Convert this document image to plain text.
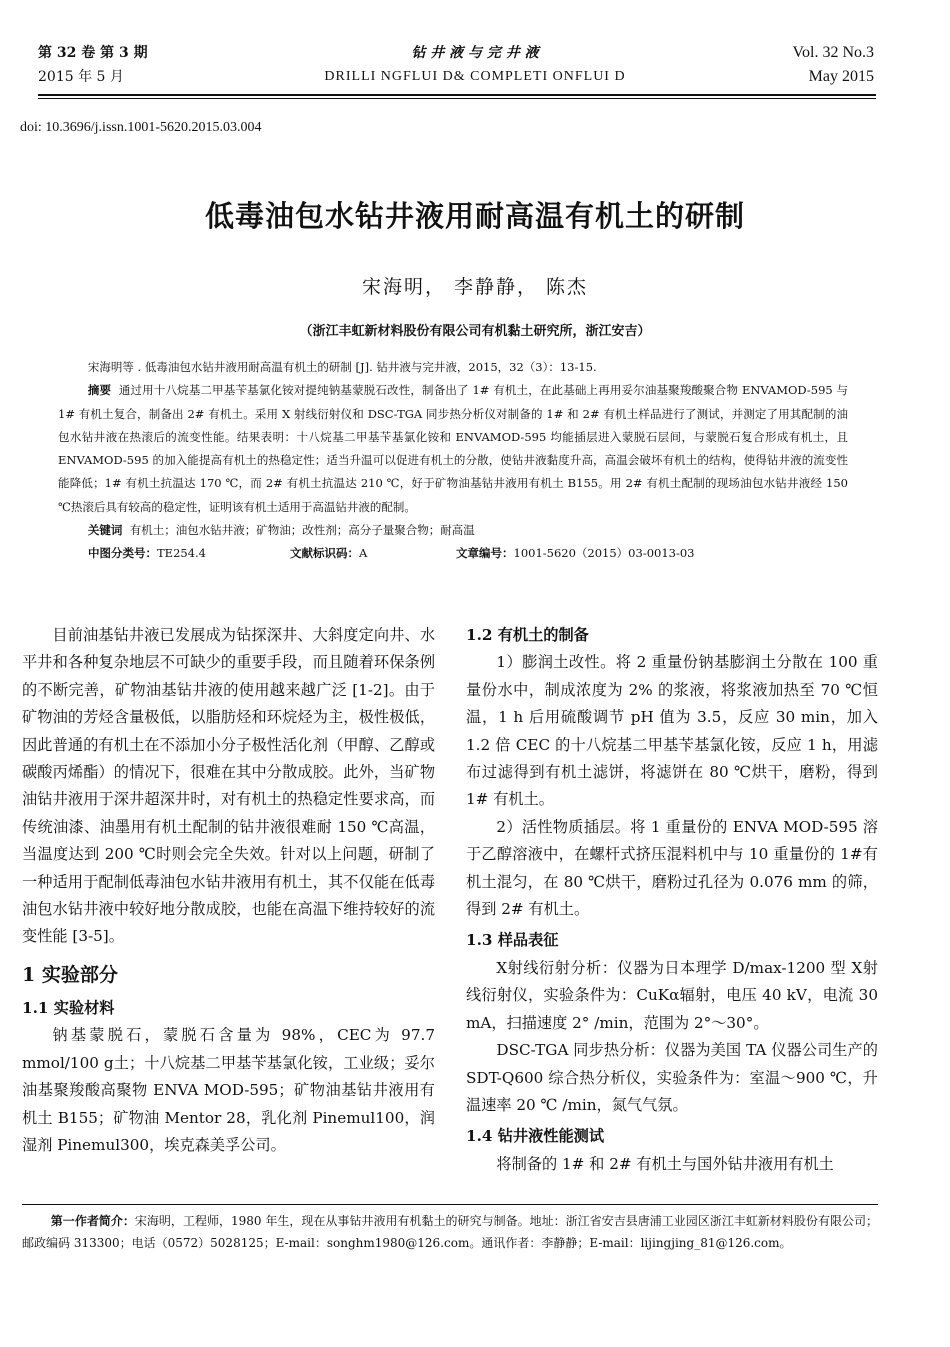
第 32 卷 第 3 期
2015 年 5 月
钻 井 液 与 完 井 液
DRILLI NGFLUI D& COMPLETI ONFLUI D
Vol. 32 No.3
May 2015
doi: 10.3696/j.issn.1001-5620.2015.03.004
低毒油包水钻井液用耐高温有机土的研制
宋海明， 李静静， 陈杰
（浙江丰虹新材料股份有限公司有机黏土研究所，浙江安吉）
宋海明等 . 低毒油包水钻井液用耐高温有机土的研制 [J]. 钻井液与完井液，2015，32（3）：13-15.
摘要 通过用十八烷基二甲基苄基氯化铵对提纯钠基蒙脱石改性，制备出了 1# 有机土，在此基础上再用妥尔油基聚羧酸聚合物 ENVAMOD-595 与 1# 有机土复合，制备出 2# 有机土。采用 X 射线衍射仪和 DSC-TGA 同步热分析仪对制备的 1# 和 2# 有机土样品进行了测试，并测定了用其配制的油包水钻井液在热滚后的流变性能。结果表明：十八烷基二甲基苄基氯化铵和 ENVAMOD-595 均能插层进入蒙脱石层间，与蒙脱石复合形成有机土，且 ENVAMOD-595 的加入能提高有机土的热稳定性；适当升温可以促进有机土的分散，使钻井液黏度升高，高温会破坏有机土的结构，使得钻井液的流变性能降低；1# 有机土抗温达 170 ℃，而 2# 有机土抗温达 210 ℃，好于矿物油基钻井液用有机土 B155。用 2# 有机土配制的现场油包水钻井液经 150 ℃热滚后具有较高的稳定性，证明该有机土适用于高温钻井液的配制。
关键词 有机土；油包水钻井液；矿物油；改性剂；高分子量聚合物；耐高温
中图分类号：TE254.4	文献标识码：A	文章编号：1001-5620（2015）03-0013-03

目前油基钻井液已发展成为钻探深井、大斜度定向井、水平井和各种复杂地层不可缺少的重要手段，而且随着环保条例的不断完善，矿物油基钻井液的使用越来越广泛 [1-2]。由于矿物油的芳烃含量极低，以脂肪烃和环烷烃为主，极性极低，因此普通的有机土在不添加小分子极性活化剂（甲醇、乙醇或碳酸丙烯酯）的情况下，很难在其中分散成胶。此外，当矿物油钻井液用于深井超深井时，对有机土的热稳定性要求高，而传统油漆、油墨用有机土配制的钻井液很难耐 150 ℃高温，当温度达到 200 ℃时则会完全失效。针对以上问题，研制了一种适用于配制低毒油包水钻井液用有机土，其不仅能在低毒油包水钻井液中较好地分散成胶，也能在高温下维持较好的流变性能 [3-5]。

1 实验部分
1.1 实验材料

钠基蒙脱石，蒙脱石含量为 98%，CEC为 97.7 mmol/100 g土；十八烷基二甲基苄基氯化铵，工业级；妥尔油基聚羧酸高聚物 ENVA MOD-595；矿物油基钻井液用有机土 B155；矿物油 Mentor 28，乳化剂 Pinemul100，润湿剂 Pinemul300，埃克森美孚公司。

1.2 有机土的制备

1）膨润土改性。将 2 重量份钠基膨润土分散在 100 重量份水中，制成浓度为 2% 的浆液，将浆液加热至 70 ℃恒温，1 h 后用硫酸调节 pH 值为 3.5，反应 30 min，加入 1.2 倍 CEC 的十八烷基二甲基苄基氯化铵，反应 1 h，用滤布过滤得到有机土滤饼，将滤饼在 80 ℃烘干，磨粉，得到 1# 有机土。

2）活性物质插层。将 1 重量份的 ENVA MOD-595 溶于乙醇溶液中，在螺杆式挤压混料机中与 10 重量份的 1#有机土混匀，在 80 ℃烘干，磨粉过孔径为 0.076 mm 的筛，得到 2# 有机土。

1.3 样品表征

X射线衍射分析：仪器为日本理学 D/max-1200 型 X射线衍射仪，实验条件为：CuKα辐射，电压 40 kV，电流 30 mA，扫描速度 2° /min，范围为 2°～30°。

DSC-TGA 同步热分析：仪器为美国 TA 仪器公司生产的 SDT-Q600 综合热分析仪，实验条件为：室温～900 ℃，升温速率 20 ℃ /min，氮气气氛。

1.4 钻井液性能测试

将制备的 1# 和 2# 有机土与国外钻井液用有机土

第一作者简介：宋海明，工程师，1980 年生，现在从事钻井液用有机黏土的研究与制备。地址：浙江省安吉县唐浦工业园区浙江丰虹新材料股份有限公司；邮政编码 313300；电话（0572）5028125；E-mail：songhm1980@126.com。通讯作者：李静静；E-mail：lijingjing_81@126.com。
